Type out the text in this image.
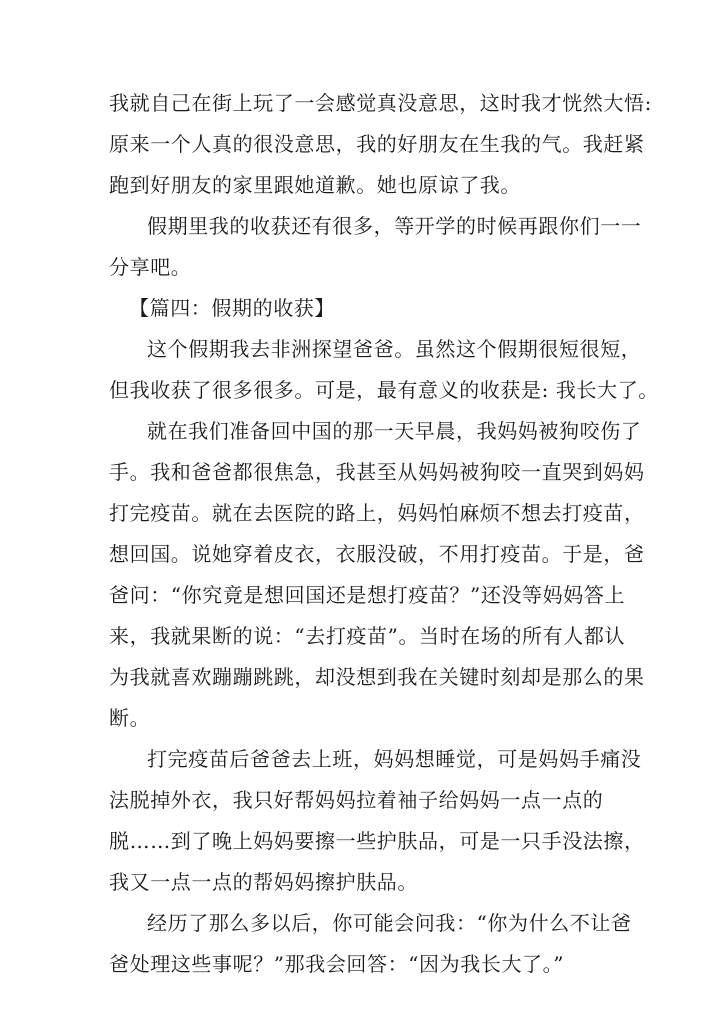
我就自己在街上玩了一会感觉真没意思，这时我才恍然大悟:
原来一个人真的很没意思，我的好朋友在生我的气。我赶紧
跑到好朋友的家里跟她道歉。她也原谅了我。
假期里我的收获还有很多，等开学的时候再跟你们一一
分享吧。
【篇四：假期的收获】
这个假期我去非洲探望爸爸。虽然这个假期很短很短，
但我收获了很多很多。可是，最有意义的收获是: 我长大了。
就在我们准备回中国的那一天早晨，我妈妈被狗咬伤了
手。我和爸爸都很焦急，我甚至从妈妈被狗咬一直哭到妈妈
打完疫苗。就在去医院的路上，妈妈怕麻烦不想去打疫苗，
想回国。说她穿着皮衣，衣服没破，不用打疫苗。于是，爸
爸问：“你究竟是想回国还是想打疫苗？”还没等妈妈答上
来，我就果断的说：“去打疫苗”。当时在场的所有人都认
为我就喜欢蹦蹦跳跳，却没想到我在关键时刻却是那么的果
断。
打完疫苗后爸爸去上班，妈妈想睡觉，可是妈妈手痛没
法脱掉外衣，我只好帮妈妈拉着袖子给妈妈一点一点的
脱……到了晚上妈妈要擦一些护肤品，可是一只手没法擦，
我又一点一点的帮妈妈擦护肤品。
经历了那么多以后，你可能会问我：“你为什么不让爸
爸处理这些事呢？”那我会回答：“因为我长大了。”
